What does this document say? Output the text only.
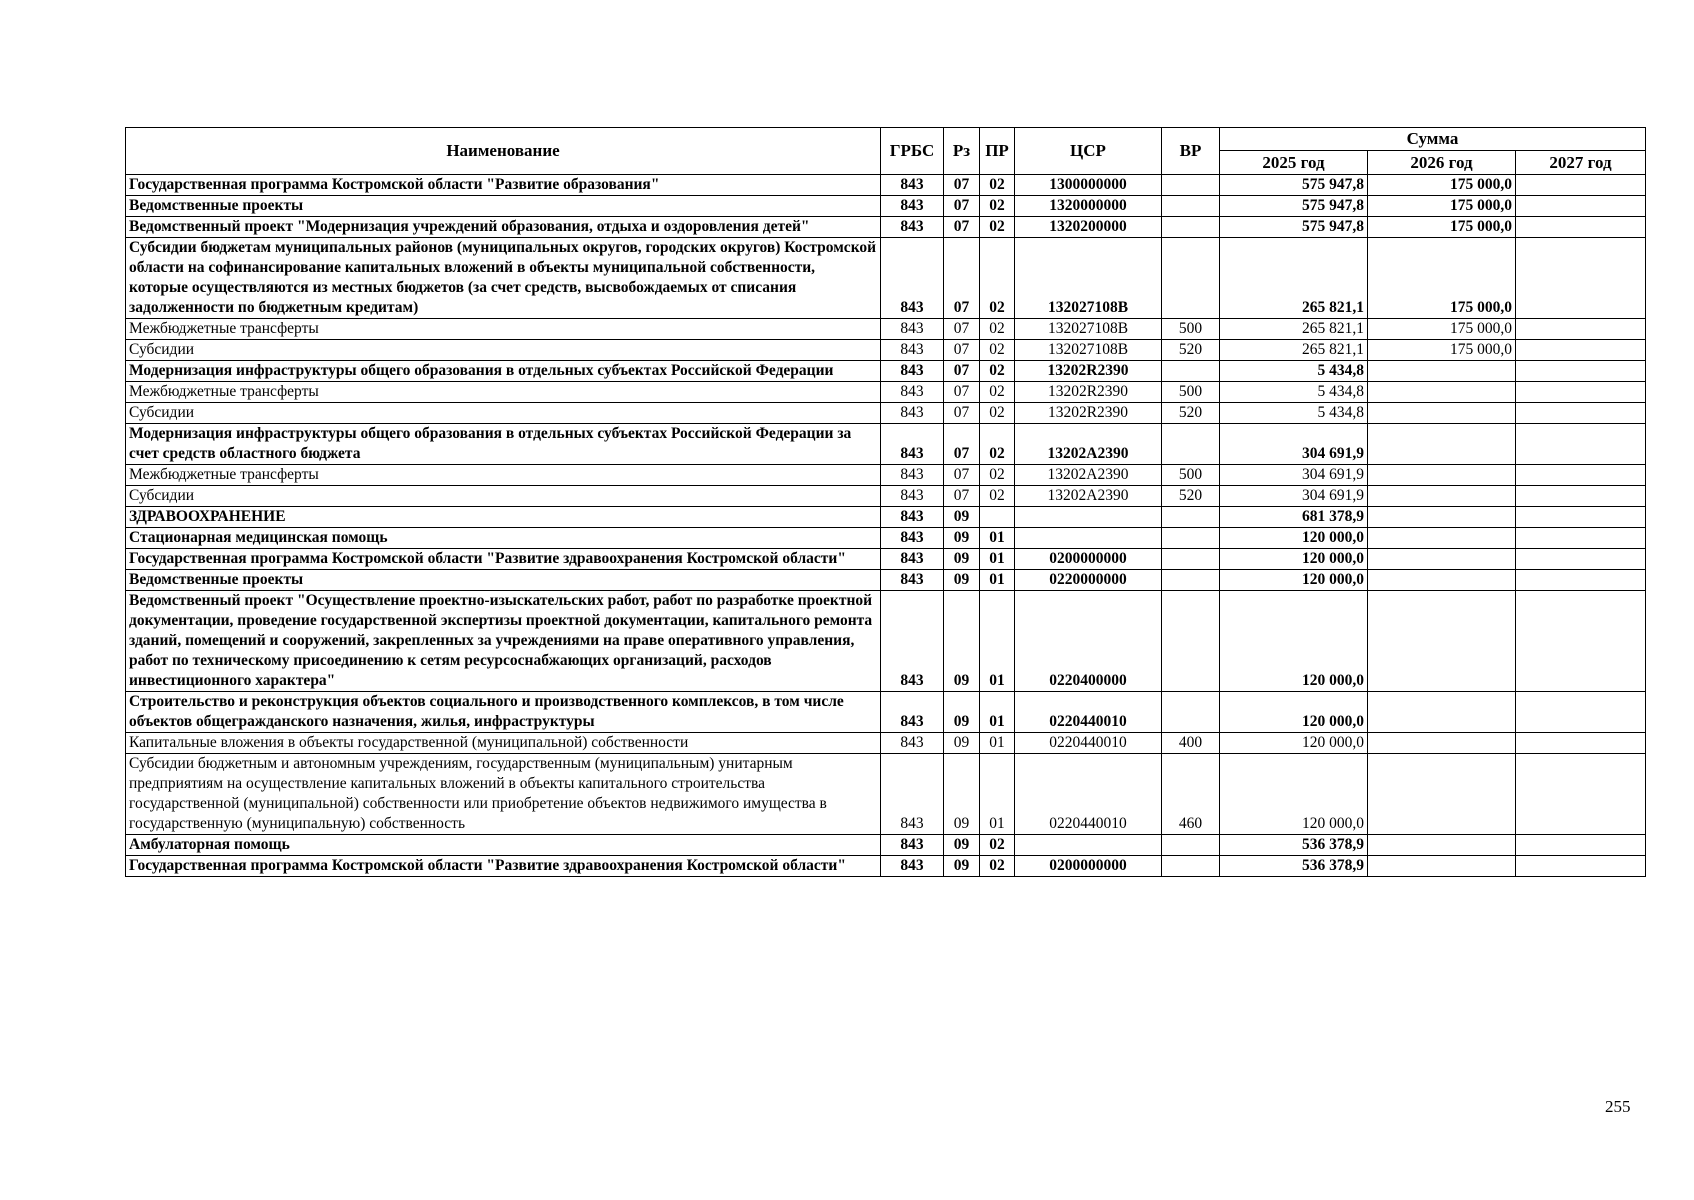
Наименование	ГРБС	Рз	ПР	ЦСР	ВР	Сумма		
						2025 год	2026 год	2027 год
Государственная программа Костромской области "Развитие образования"	843	07	02	1300000000		575 947,8	175 000,0	
Ведомственные проекты	843	07	02	1320000000		575 947,8	175 000,0	
Ведомственный проект "Модернизация учреждений образования, отдыха и оздоровления детей"	843	07	02	1320200000		575 947,8	175 000,0	
Субсидии бюджетам муниципальных районов (муниципальных округов, городских округов) Костромской области на софинансирование капитальных вложений в объекты муниципальной собственности, которые осуществляются из местных бюджетов (за счет средств, высвобождаемых от списания задолженности по бюджетным кредитам)	843	07	02	132027108В		265 821,1	175 000,0	
Межбюджетные трансферты	843	07	02	132027108В	500	265 821,1	175 000,0	
Субсидии	843	07	02	132027108В	520	265 821,1	175 000,0	
Модернизация инфраструктуры общего образования в отдельных субъектах Российской Федерации	843	07	02	13202R2390		5 434,8		
Межбюджетные трансферты	843	07	02	13202R2390	500	5 434,8		
Субсидии	843	07	02	13202R2390	520	5 434,8		
Модернизация инфраструктуры общего образования в отдельных субъектах Российской Федерации за счет средств областного бюджета	843	07	02	13202А2390		304 691,9		
Межбюджетные трансферты	843	07	02	13202А2390	500	304 691,9		
Субсидии	843	07	02	13202А2390	520	304 691,9		
ЗДРАВООХРАНЕНИЕ	843	09				681 378,9		
Стационарная медицинская помощь	843	09	01			120 000,0		
Государственная программа Костромской области "Развитие здравоохранения Костромской области"	843	09	01	0200000000		120 000,0		
Ведомственные проекты	843	09	01	0220000000		120 000,0		
Ведомственный проект "Осуществление проектно-изыскательских работ, работ по разработке проектной документации, проведение государственной экспертизы проектной документации, капитального ремонта зданий, помещений и сооружений, закрепленных за учреждениями на праве оперативного управления, работ по техническому присоединению к сетям ресурсоснабжающих организаций, расходов инвестиционного характера"	843	09	01	0220400000		120 000,0		
Строительство и реконструкция объектов социального и производственного комплексов, в том числе объектов общегражданского назначения, жилья, инфраструктуры	843	09	01	0220440010		120 000,0		
Капитальные вложения в объекты государственной (муниципальной) собственности	843	09	01	0220440010	400	120 000,0		
Субсидии бюджетным и автономным учреждениям, государственным (муниципальным) унитарным предприятиям на осуществление капитальных вложений в объекты капитального строительства государственной (муниципальной) собственности или приобретение объектов недвижимого имущества в государственную (муниципальную) собственность	843	09	01	0220440010	460	120 000,0		
Амбулаторная помощь	843	09	02			536 378,9		
Государственная программа Костромской области "Развитие здравоохранения Костромской области"	843	09	02	0200000000		536 378,9		
255
